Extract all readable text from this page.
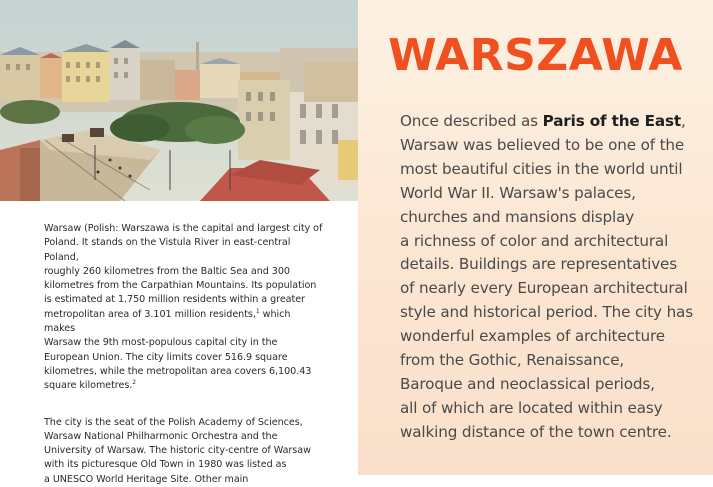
Warsaw (Polish: Warszawa is the capital and largest city of
Poland. It stands on the Vistula River in east-central Poland,
roughly 260 kilometres from the Baltic Sea and 300
kilometres from the Carpathian Mountains. Its population
is estimated at 1.750 million residents within a greater
metropolitan area of 3.101 million residents,$^1$ which makes
Warsaw the 9th most-populous capital city in the
European Union. The city limits cover 516.9 square
kilometres, while the metropolitan area covers 6,100.43
square kilometres.$^2$

The city is the seat of the Polish Academy of Sciences,
Warsaw National Philharmonic Orchestra and the
University of Warsaw. The historic city-centre of Warsaw
with its picturesque Old Town in 1980 was listed as
a UNESCO World Heritage Site. Other main

WARSZAWA
Once described as Paris of the East,
Warsaw was believed to be one of the
most beautiful cities in the world until
World War II. Warsaw's palaces,
churches and mansions display
a richness of color and architectural
details. Buildings are representatives
of nearly every European architectural
style and historical period. The city has
wonderful examples of architecture
from the Gothic, Renaissance,
Baroque and neoclassical periods,
all of which are located within easy
walking distance of the town centre.
